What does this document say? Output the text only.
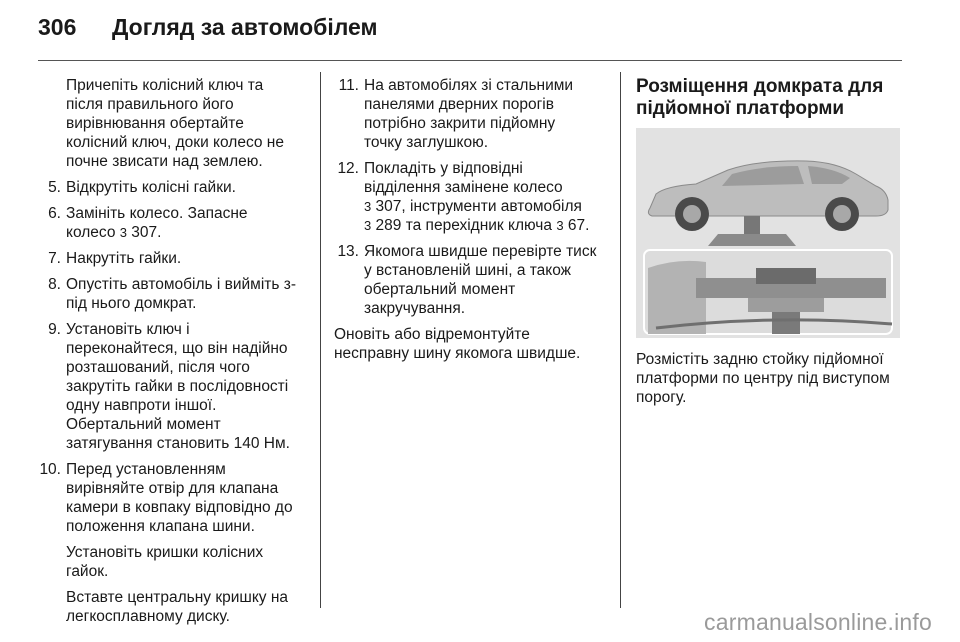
306 Догляд за автомобілем
Причепіть колісний ключ та
після правильного його
вирівнювання обертайте
колісний ключ, доки колесо не
почне звисати над землею.
5. Відкрутіть колісні гайки.
6. Замініть колесо. Запасне
колесо 3 307.
7. Накрутіть гайки.
8. Опустіть автомобіль і вийміть з-
під нього домкрат.
9. Установіть ключ і
переконайтеся, що він надійно
розташований, після чого
закрутіть гайки в послідовності
одну навпроти іншої.
Обертальний момент
затягування становить 140 Нм.
10. Перед установленням
вирівняйте отвір для клапана
камери в ковпаку відповідно до
положення клапана шини.
Установіть кришки колісних
гайок.
Вставте центральну кришку на
легкосплавному диску.
11. На автомобілях зі стальними
панелями дверних порогів
потрібно закрити підйомну
точку заглушкою.
12. Покладіть у відповідні
відділення замінене колесо
3 307, інструменти автомобіля
3 289 та перехідник ключа 3 67.
13. Якомога швидше перевірте тиск
у встановленій шині, а також
обертальний момент
закручування.
Оновіть або відремонтуйте
несправну шину якомога швидше.
Розміщення домкрата для
підйомної платформи
Розмістіть задню стойку підйомної
платформи по центру під виступом
порогу.
carmanualsonline.info
